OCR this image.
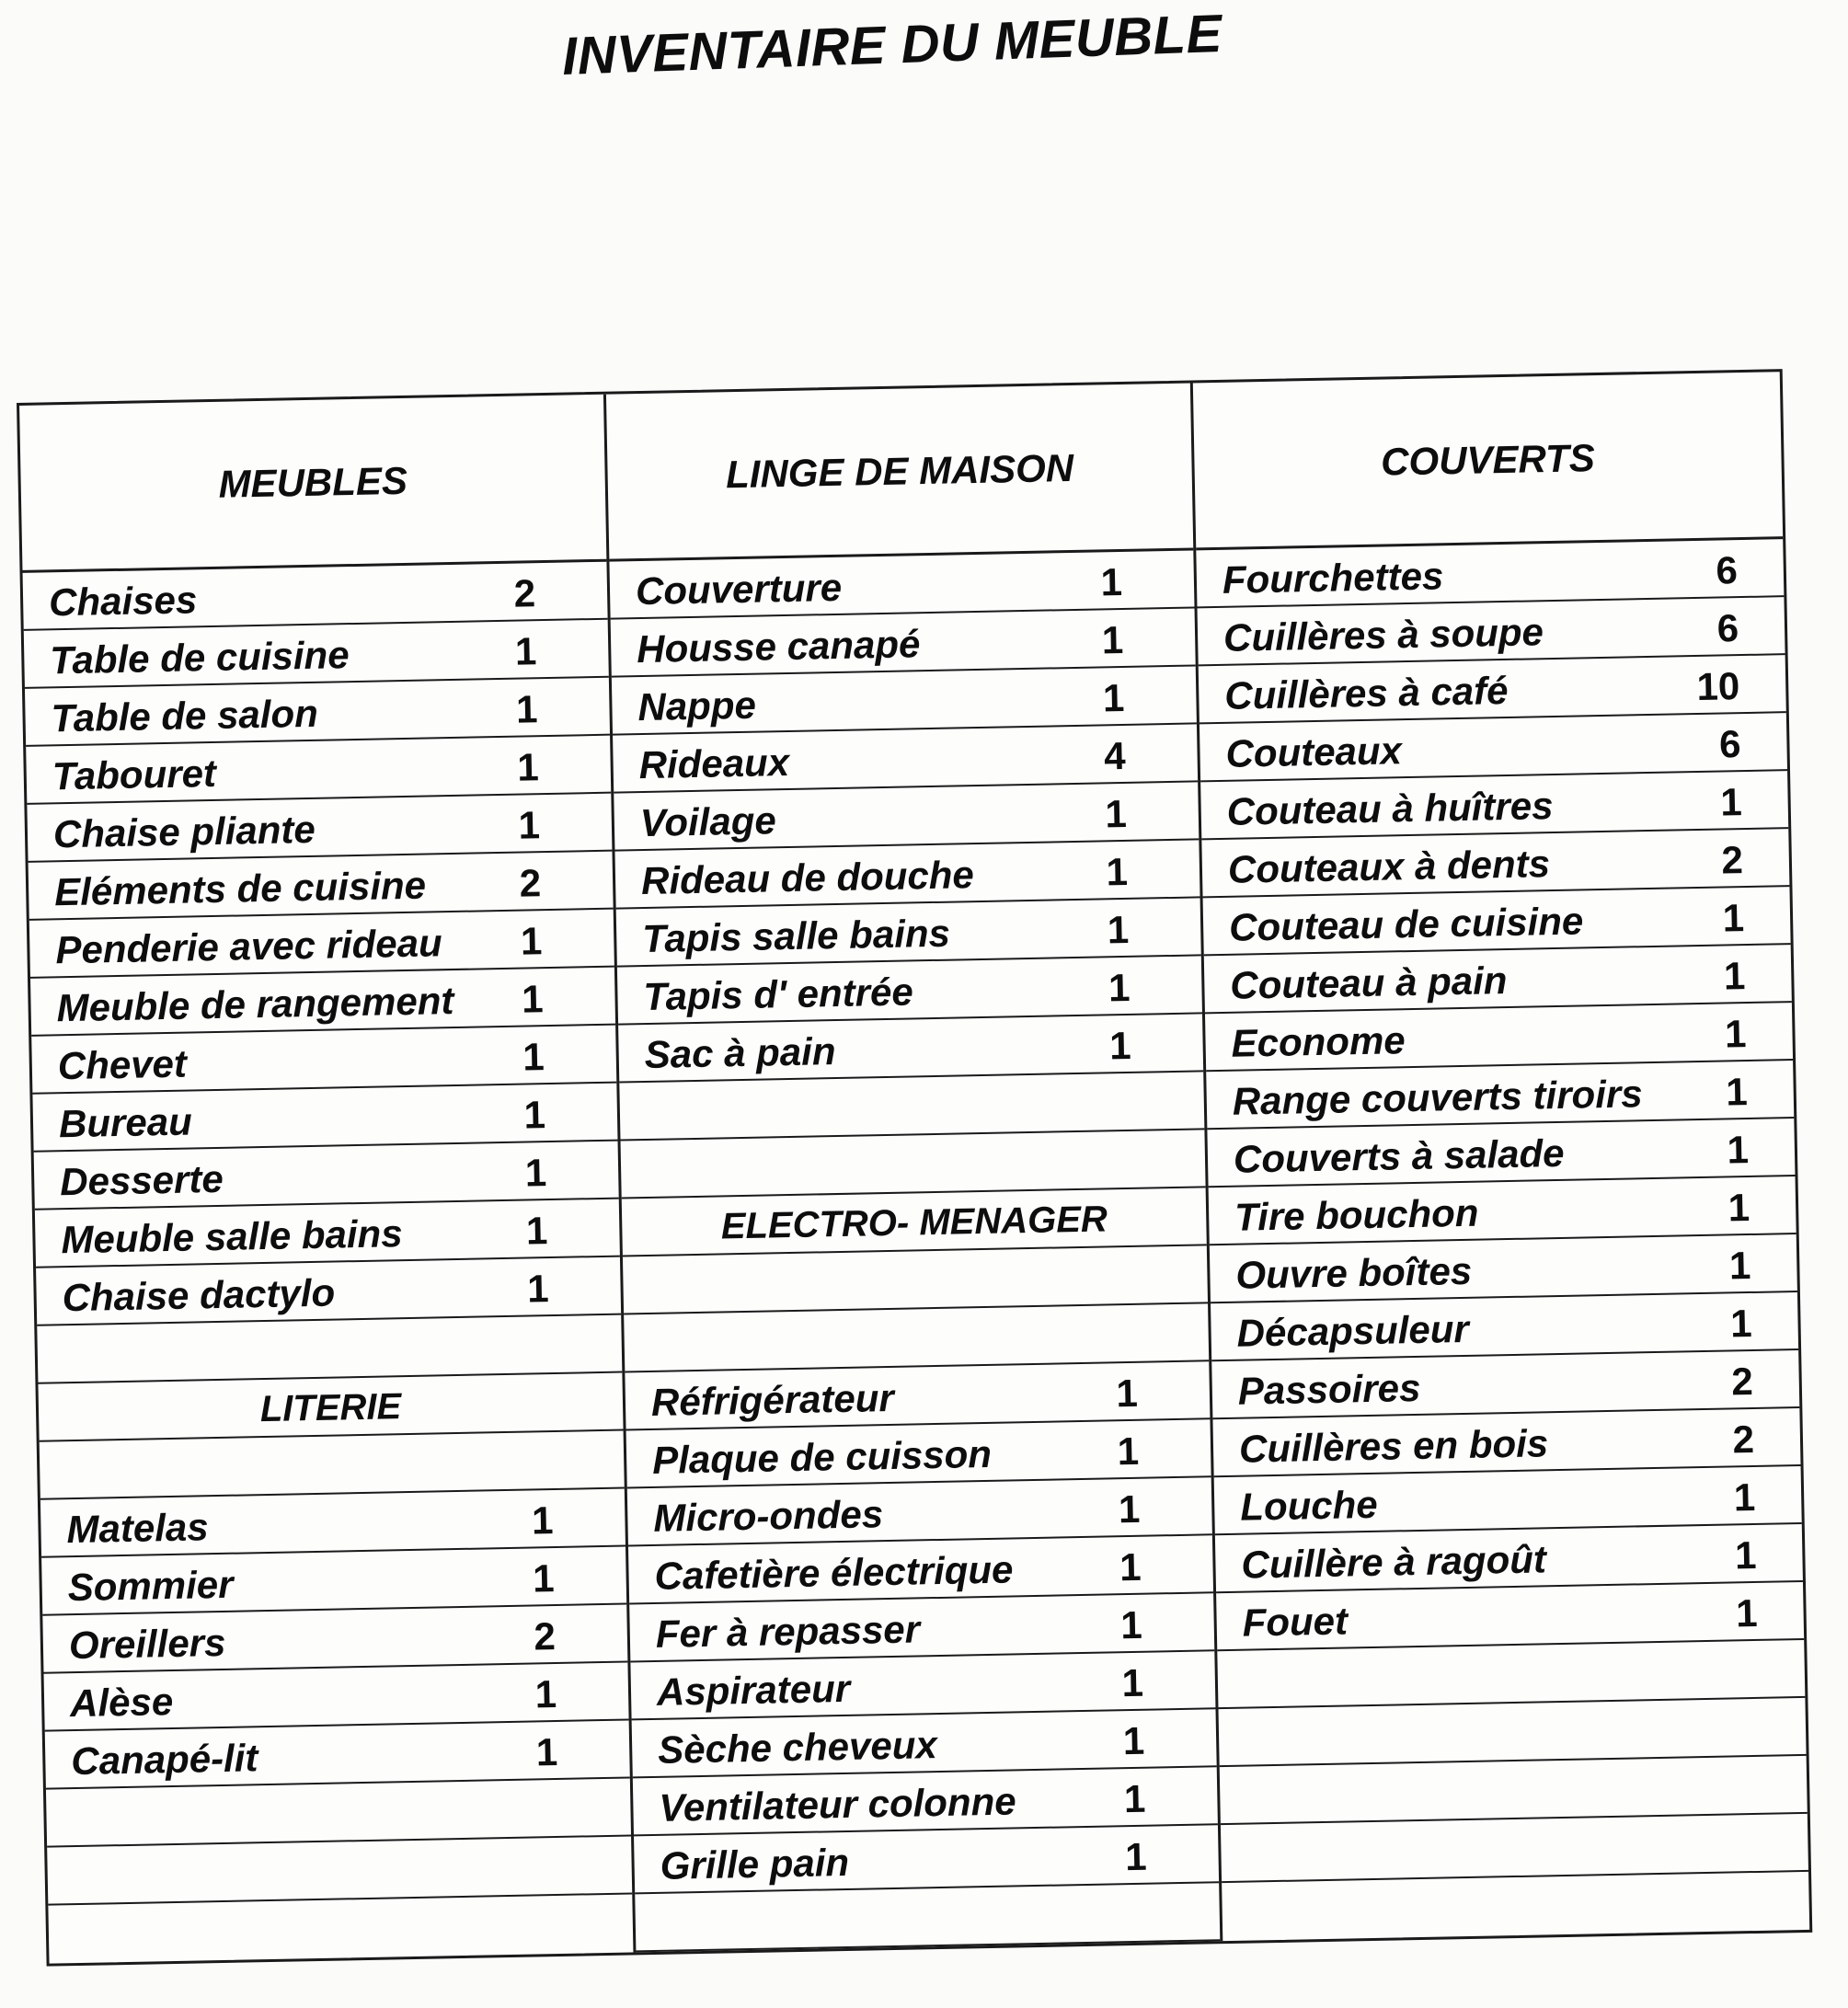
INVENTAIRE DU MEUBLE
MEUBLES
Chaises	2
Table de cuisine	1
Table de salon	1
Tabouret	1
Chaise pliante	1
Eléments de cuisine	2
Penderie avec rideau	1
Meuble de rangement	1
Chevet	1
Bureau	1
Desserte	1
Meuble salle bains	1
Chaise dactylo	1
LITERIE
Matelas	1
Sommier	1
Oreillers	2
Alèse	1
Canapé-lit	1
LINGE DE MAISON
Couverture	1
Housse canapé	1
Nappe	1
Rideaux	4
Voilage	1
Rideau de douche	1
Tapis salle bains	1
Tapis d' entrée	1
Sac à pain	1
ELECTRO- MENAGER
Réfrigérateur	1
Plaque de cuisson	1
Micro-ondes	1
Cafetière électrique	1
Fer à repasser	1
Aspirateur	1
Sèche cheveux	1
Ventilateur colonne	1
Grille pain	1
COUVERTS
Fourchettes	6
Cuillères à soupe	6
Cuillères à café	10
Couteaux	6
Couteau à huîtres	1
Couteaux à dents	2
Couteau de cuisine	1
Couteau à pain	1
Econome	1
Range couverts tiroirs	1
Couverts à salade	1
Tire bouchon	1
Ouvre boîtes	1
Décapsuleur	1
Passoires	2
Cuillères en bois	2
Louche	1
Cuillère à ragoût	1
Fouet	1
